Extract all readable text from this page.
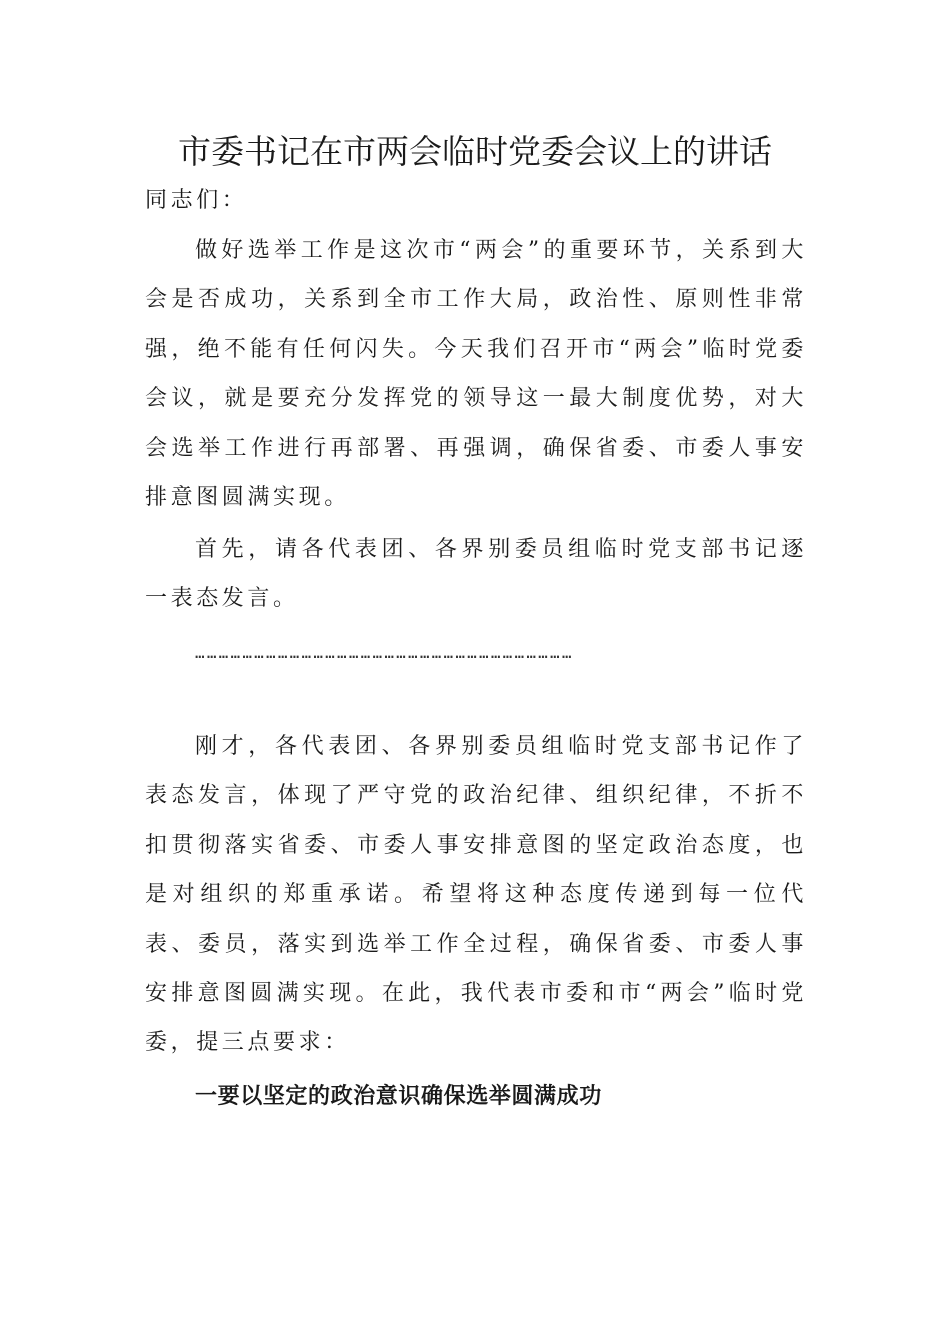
市委书记在市两会临时党委会议上的讲话

同志们：

做好选举工作是这次市“两会”的重要环节，关系到大会是否成功，关系到全市工作大局，政治性、原则性非常强，绝不能有任何闪失。今天我们召开市“两会”临时党委会议，就是要充分发挥党的领导这一最大制度优势，对大会选举工作进行再部署、再强调，确保省委、市委人事安排意图圆满实现。

首先，请各代表团、各界别委员组临时党支部书记逐一表态发言。

……………………………………………………………………………………

刚才，各代表团、各界别委员组临时党支部书记作了表态发言，体现了严守党的政治纪律、组织纪律，不折不扣贯彻落实省委、市委人事安排意图的坚定政治态度，也是对组织的郑重承诺。希望将这种态度传递到每一位代表、委员，落实到选举工作全过程，确保省委、市委人事安排意图圆满实现。在此，我代表市委和市“两会”临时党委，提三点要求：

一要以坚定的政治意识确保选举圆满成功
